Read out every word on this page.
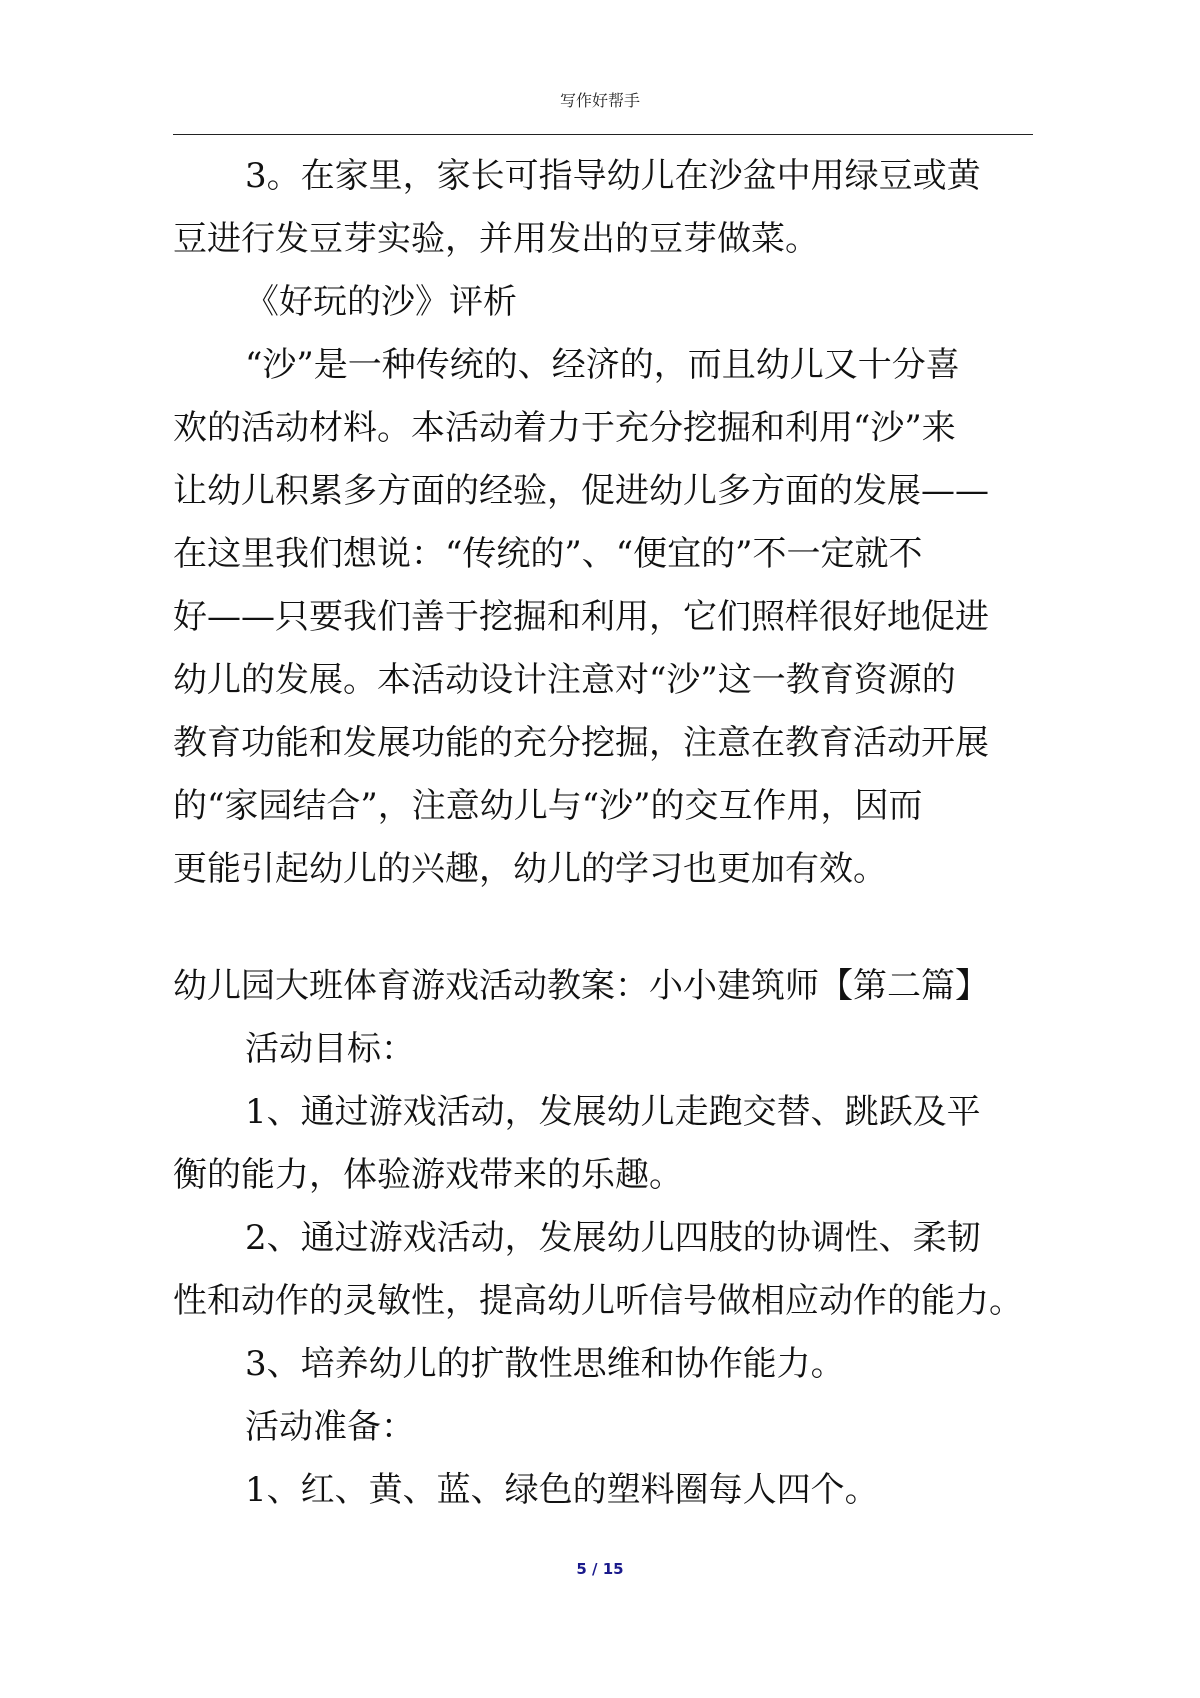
写作好帮手
3。在家里，家长可指导幼儿在沙盆中用绿豆或黄
豆进行发豆芽实验，并用发出的豆芽做菜。
《好玩的沙》评析
“沙”是一种传统的、经济的，而且幼儿又十分喜
欢的活动材料。本活动着力于充分挖掘和利用“沙”来
让幼儿积累多方面的经验，促进幼儿多方面的发展——
在这里我们想说：“传统的”、“便宜的”不一定就不
好——只要我们善于挖掘和利用，它们照样很好地促进
幼儿的发展。本活动设计注意对“沙”这一教育资源的
教育功能和发展功能的充分挖掘，注意在教育活动开展
的“家园结合”，注意幼儿与“沙”的交互作用，因而
更能引起幼儿的兴趣，幼儿的学习也更加有效。
幼儿园大班体育游戏活动教案：小小建筑师【第二篇】
活动目标：
1、通过游戏活动，发展幼儿走跑交替、跳跃及平
衡的能力，体验游戏带来的乐趣。
2、通过游戏活动，发展幼儿四肢的协调性、柔韧
性和动作的灵敏性，提高幼儿听信号做相应动作的能力。
3、培养幼儿的扩散性思维和协作能力。
活动准备：
1、红、黄、蓝、绿色的塑料圈每人四个。
5 / 15
